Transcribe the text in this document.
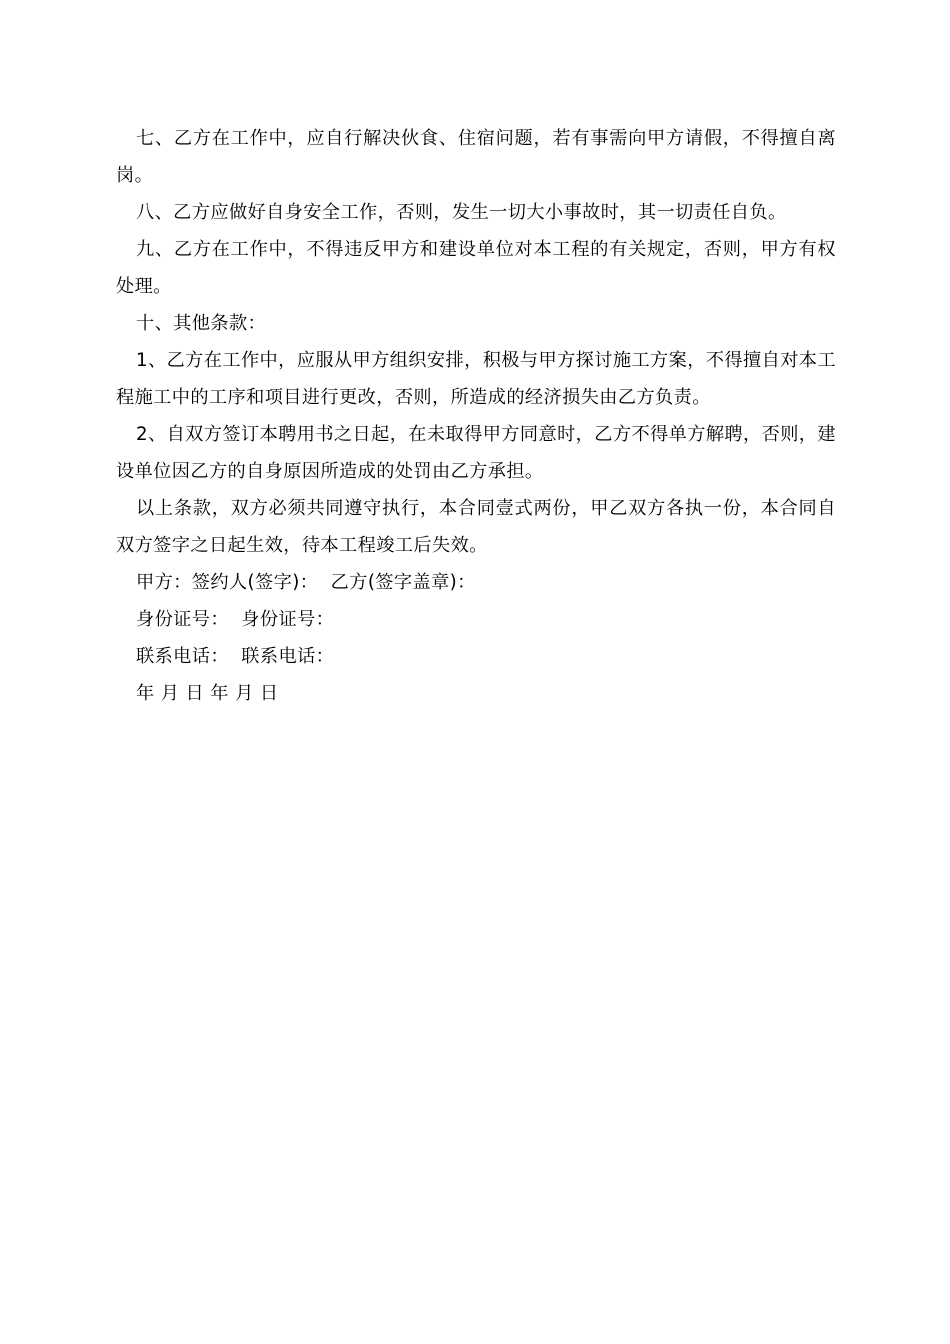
七、乙方在工作中，应自行解决伙食、住宿问题，若有事需向甲方请假，不得擅自离岗。

八、乙方应做好自身安全工作，否则，发生一切大小事故时，其一切责任自负。

九、乙方在工作中，不得违反甲方和建设单位对本工程的有关规定，否则，甲方有权处理。

十、其他条款：

1、乙方在工作中，应服从甲方组织安排，积极与甲方探讨施工方案，不得擅自对本工程施工中的工序和项目进行更改，否则，所造成的经济损失由乙方负责。

2、自双方签订本聘用书之日起，在未取得甲方同意时，乙方不得单方解聘，否则，建设单位因乙方的自身原因所造成的处罚由乙方承担。

以上条款，双方必须共同遵守执行，本合同壹式两份，甲乙双方各执一份，本合同自双方签字之日起生效，待本工程竣工后失效。

甲方：签约人(签字)：  乙方(签字盖章)：

身份证号：  身份证号：

联系电话：  联系电话：

年 月 日 年 月 日
